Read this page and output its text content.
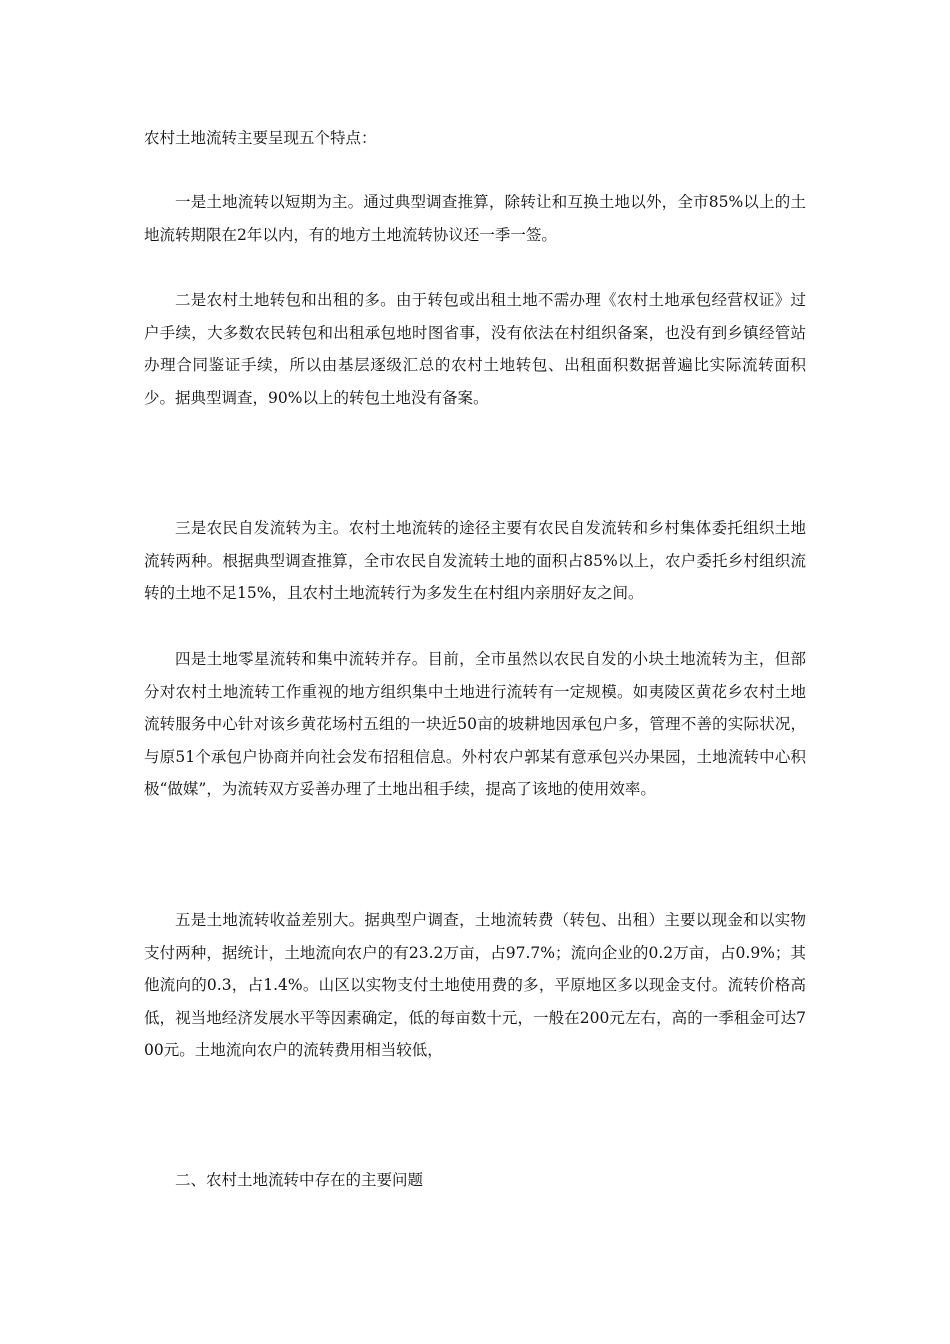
农村土地流转主要呈现五个特点：

一是土地流转以短期为主。通过典型调查推算，除转让和互换土地以外，全市85%以上的土地流转期限在2年以内，有的地方土地流转协议还一季一签。

二是农村土地转包和出租的多。由于转包或出租土地不需办理《农村土地承包经营权证》过户手续，大多数农民转包和出租承包地时图省事，没有依法在村组织备案，也没有到乡镇经管站办理合同鉴证手续，所以由基层逐级汇总的农村土地转包、出租面积数据普遍比实际流转面积少。据典型调查，90%以上的转包土地没有备案。

三是农民自发流转为主。农村土地流转的途径主要有农民自发流转和乡村集体委托组织土地流转两种。根据典型调查推算，全市农民自发流转土地的面积占85%以上，农户委托乡村组织流转的土地不足15%，且农村土地流转行为多发生在村组内亲朋好友之间。

四是土地零星流转和集中流转并存。目前，全市虽然以农民自发的小块土地流转为主，但部分对农村土地流转工作重视的地方组织集中土地进行流转有一定规模。如夷陵区黄花乡农村土地流转服务中心针对该乡黄花场村五组的一块近50亩的坡耕地因承包户多，管理不善的实际状况，与原51个承包户协商并向社会发布招租信息。外村农户郭某有意承包兴办果园，土地流转中心积极“做媒”，为流转双方妥善办理了土地出租手续，提高了该地的使用效率。

五是土地流转收益差别大。据典型户调查，土地流转费（转包、出租）主要以现金和以实物支付两种，据统计，土地流向农户的有23.2万亩，占97.7%；流向企业的0.2万亩，占0.9%；其他流向的0.3，占1.4%。山区以实物支付土地使用费的多，平原地区多以现金支付。流转价格高低，视当地经济发展水平等因素确定，低的每亩数十元，一般在200元左右，高的一季租金可达700元。土地流向农户的流转费用相当较低，

二、农村土地流转中存在的主要问题
